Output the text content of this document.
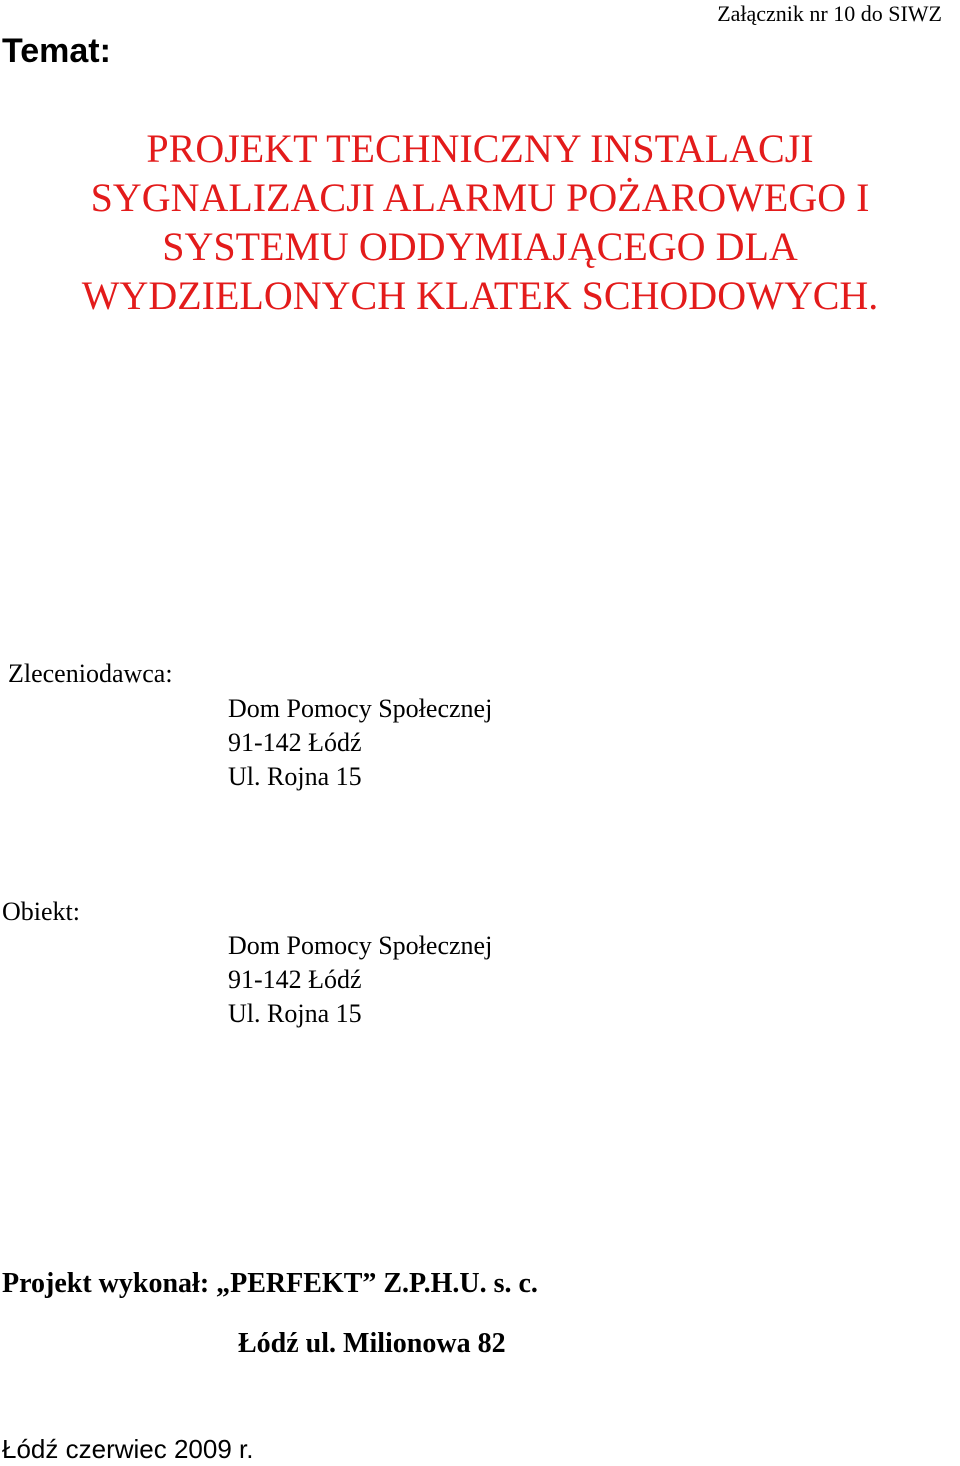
Załącznik nr 10 do SIWZ
Temat:
PROJEKT TECHNICZNY INSTALACJI
SYGNALIZACJI ALARMU POŻAROWEGO I
SYSTEMU ODDYMIAJĄCEGO DLA
WYDZIELONYCH KLATEK SCHODOWYCH.
Zleceniodawca:
Dom Pomocy Społecznej
91-142 Łódź
Ul. Rojna 15
Obiekt:
Dom Pomocy Społecznej
91-142 Łódź
Ul. Rojna 15
Projekt wykonał: „PERFEKT” Z.P.H.U. s. c.
Łódź ul. Milionowa 82
Łódź czerwiec 2009 r.
